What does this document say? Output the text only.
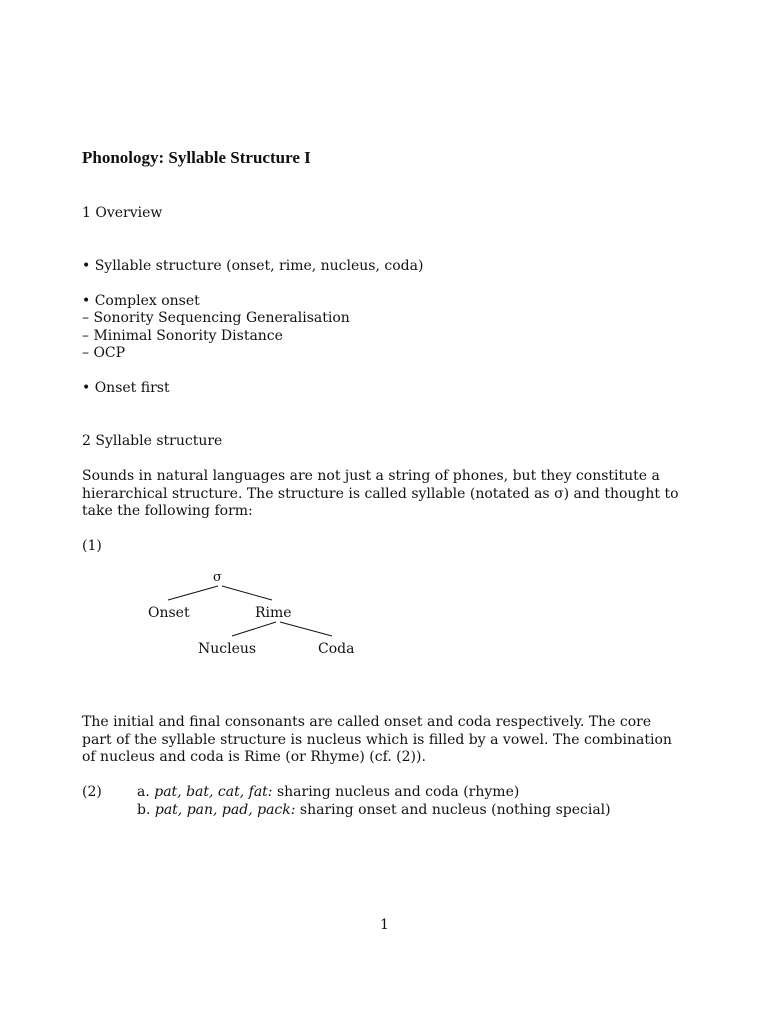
Phonology: Syllable Structure I
1 Overview
• Syllable structure (onset, rime, nucleus, coda)
• Complex onset
– Sonority Sequencing Generalisation
– Minimal Sonority Distance
– OCP
• Onset first
2 Syllable structure
Sounds in natural languages are not just a string of phones, but they constitute a
hierarchical structure. The structure is called syllable (notated as σ) and thought to
take the following form:
(1)
σ
Onset	Rime
Nucleus	Coda
The initial and final consonants are called onset and coda respectively. The core
part of the syllable structure is nucleus which is filled by a vowel. The combination
of nucleus and coda is Rime (or Rhyme) (cf. (2)).
(2)	a. pat, bat, cat, fat: sharing nucleus and coda (rhyme)
b. pat, pan, pad, pack: sharing onset and nucleus (nothing special)
1
